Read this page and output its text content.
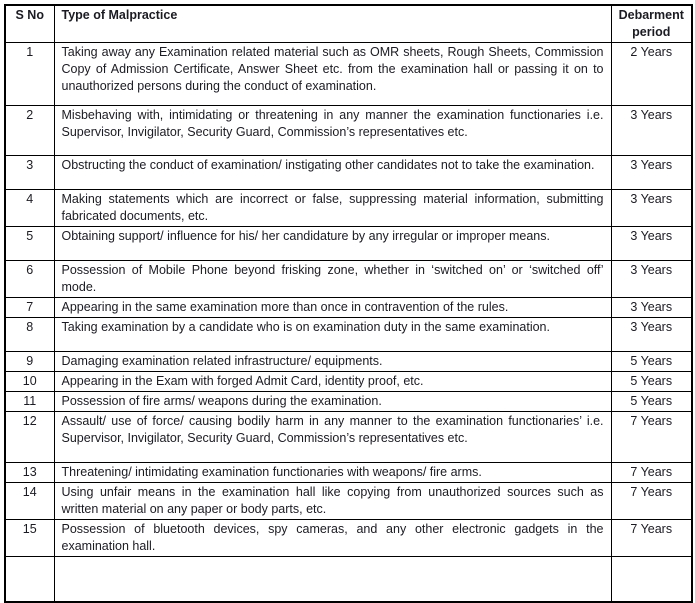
S No	Type of Malpractice	Debarment period
1	Taking away any Examination related material such as OMR sheets, Rough Sheets, Commission Copy of Admission Certificate, Answer Sheet etc. from the examination hall or passing it on to unauthorized persons during the conduct of examination.	2 Years
2	Misbehaving with, intimidating or threatening in any manner the examination functionaries i.e. Supervisor, Invigilator, Security Guard, Commission’s representatives etc.	3 Years
3	Obstructing the conduct of examination/ instigating other candidates not to take the examination.	3 Years
4	Making statements which are incorrect or false, suppressing material information, submitting fabricated documents, etc.	3 Years
5	Obtaining support/ influence for his/ her candidature by any irregular or improper means.	3 Years
6	Possession of Mobile Phone beyond frisking zone, whether in ‘switched on’ or ‘switched off’ mode.	3 Years
7	Appearing in the same examination more than once in contravention of the rules.	3 Years
8	Taking examination by a candidate who is on examination duty in the same examination.	3 Years
9	Damaging examination related infrastructure/ equipments.	5 Years
10	Appearing in the Exam with forged Admit Card, identity proof, etc.	5 Years
11	Possession of fire arms/ weapons during the examination.	5 Years
12	Assault/ use of force/ causing bodily harm in any manner to the examination functionaries’ i.e. Supervisor, Invigilator, Security Guard, Commission’s representatives etc.	7 Years
13	Threatening/ intimidating examination functionaries with weapons/ fire arms.	7 Years
14	Using unfair means in the examination hall like copying from unauthorized sources such as written material on any paper or body parts, etc.	7 Years
15	Possession of bluetooth devices, spy cameras, and any other electronic gadgets in the examination hall.	7 Years
